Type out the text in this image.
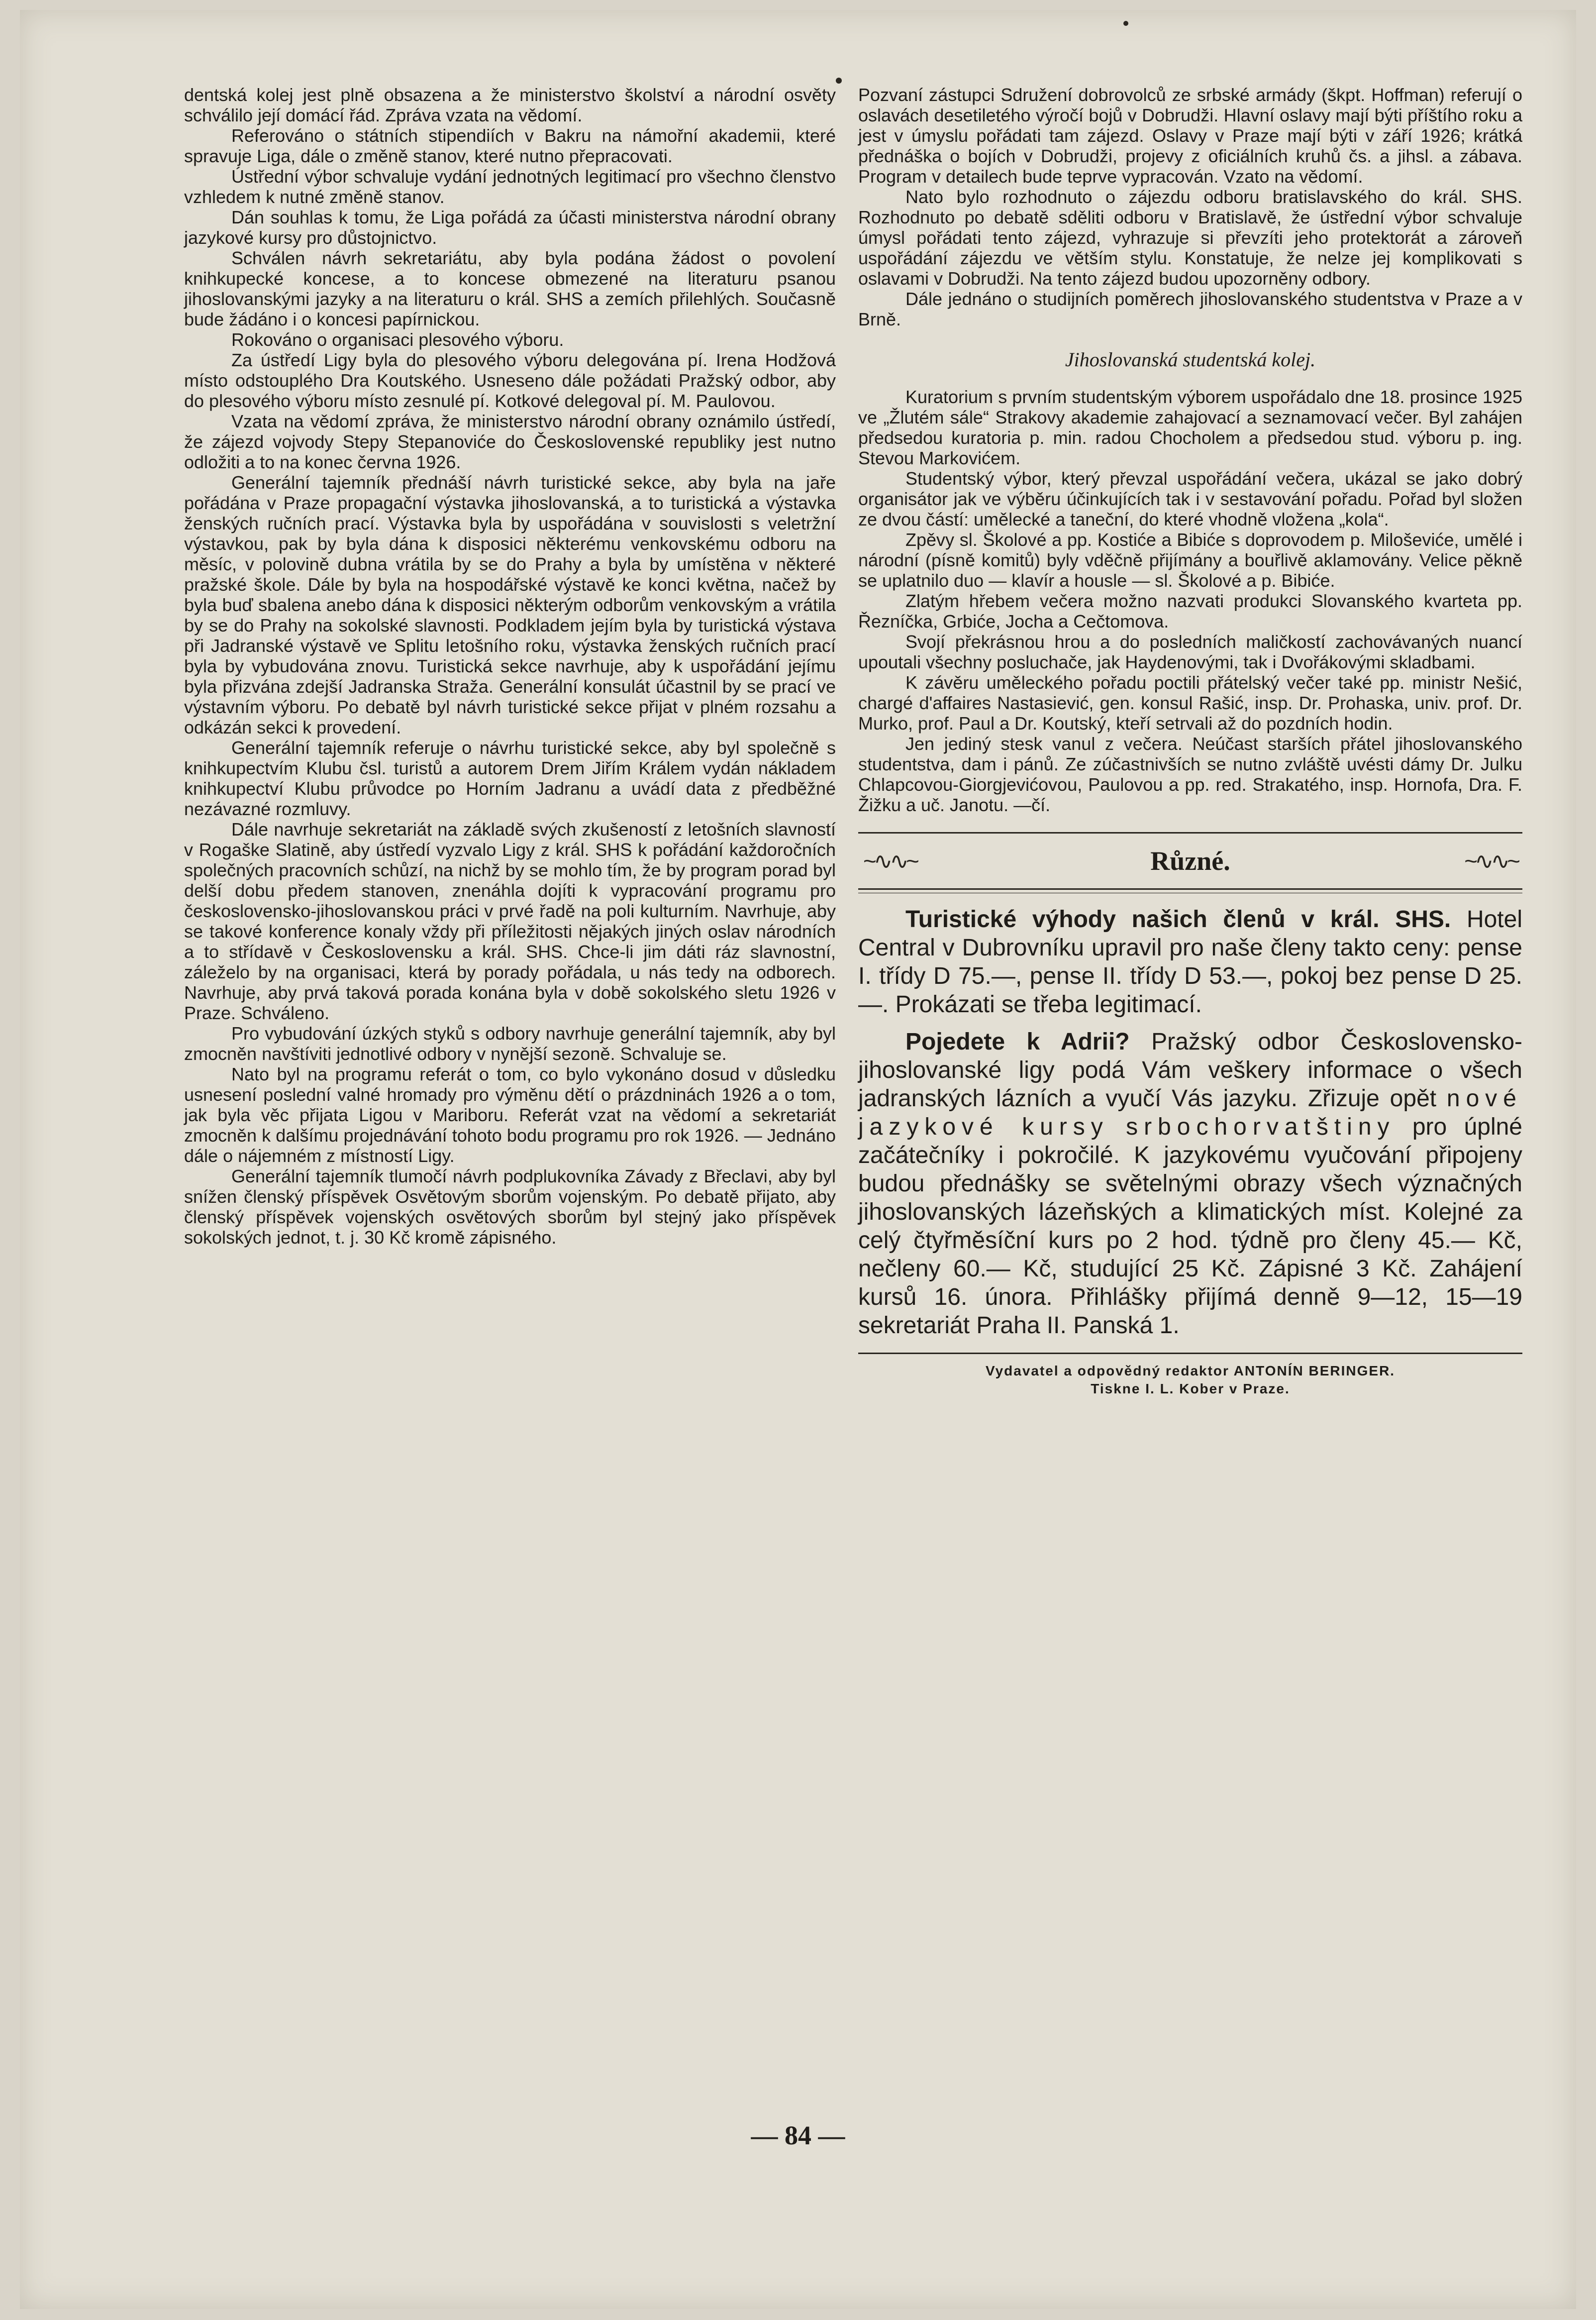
dentská kolej jest plně obsazena a že ministerstvo školství a národní osvěty schválilo její domácí řád. Zpráva vzata na vědomí.

Referováno o státních stipendiích v Bakru na námořní akademii, které spravuje Liga, dále o změně stanov, které nutno přepracovati.

Ústřední výbor schvaluje vydání jednotných legitimací pro všechno členstvo vzhledem k nutné změně stanov.

Dán souhlas k tomu, že Liga pořádá za účasti ministerstva národní obrany jazykové kursy pro důstojnictvo.

Schválen návrh sekretariátu, aby byla podána žádost o povolení knihkupecké koncese, a to koncese obmezené na literaturu psanou jihoslovanskými jazyky a na literaturu o král. SHS a zemích přilehlých. Současně bude žádáno i o koncesi papírnickou.

Rokováno o organisaci plesového výboru.

Za ústředí Ligy byla do plesového výboru delegována pí. Irena Hodžová místo odstouplého Dra Koutského. Usneseno dále požádati Pražský odbor, aby do plesového výboru místo zesnulé pí. Kotkové delegoval pí. M. Paulovou.

Vzata na vědomí zpráva, že ministerstvo národní obrany oznámilo ústředí, že zájezd vojvody Stepy Stepanoviće do Československé republiky jest nutno odložiti a to na konec června 1926.

Generální tajemník přednáší návrh turistické sekce, aby byla na jaře pořádána v Praze propagační výstavka jihoslovanská, a to turistická a výstavka ženských ručních prací. Výstavka byla by uspořádána v souvislosti s veletržní výstavkou, pak by byla dána k disposici některému venkovskému odboru na měsíc, v polovině dubna vrátila by se do Prahy a byla by umístěna v některé pražské škole. Dále by byla na hospodářské výstavě ke konci května, načež by byla buď sbalena anebo dána k disposici některým odborům venkovským a vrátila by se do Prahy na sokolské slavnosti. Podkladem jejím byla by turistická výstava při Jadranské výstavě ve Splitu letošního roku, výstavka ženských ručních prací byla by vybudována znovu. Turistická sekce navrhuje, aby k uspořádání jejímu byla přizvána zdejší Jadranska Straža. Generální konsulát účastnil by se prací ve výstavním výboru. Po debatě byl návrh turistické sekce přijat v plném rozsahu a odkázán sekci k provedení.

Generální tajemník referuje o návrhu turistické sekce, aby byl společně s knihkupectvím Klubu čsl. turistů a autorem Drem Jiřím Králem vydán nákladem knihkupectví Klubu průvodce po Horním Jadranu a uvádí data z předběžné nezávazné rozmluvy.

Dále navrhuje sekretariát na základě svých zkušeností z letošních slavností v Rogaške Slatině, aby ústředí vyzvalo Ligy z král. SHS k pořádání každoročních společných pracovních schůzí, na nichž by se mohlo tím, že by program porad byl delší dobu předem stanoven, znenáhla dojíti k vypracování programu pro československo-jihoslovanskou práci v prvé řadě na poli kulturním. Navrhuje, aby se takové konference konaly vždy při příležitosti nějakých jiných oslav národních a to střídavě v Československu a král. SHS. Chce-li jim dáti ráz slavnostní, záleželo by na organisaci, která by porady pořádala, u nás tedy na odborech. Navrhuje, aby prvá taková porada konána byla v době sokolského sletu 1926 v Praze. Schváleno.

Pro vybudování úzkých styků s odbory navrhuje generální tajemník, aby byl zmocněn navštíviti jednotlivé odbory v nynější sezoně. Schvaluje se.

Nato byl na programu referát o tom, co bylo vykonáno dosud v důsledku usnesení poslední valné hromady pro výměnu dětí o prázdninách 1926 a o tom, jak byla věc přijata Ligou v Mariboru. Referát vzat na vědomí a sekretariát zmocněn k dalšímu projednávání tohoto bodu programu pro rok 1926. — Jednáno dále o nájemném z místností Ligy.

Generální tajemník tlumočí návrh podplukovníka Závady z Břeclavi, aby byl snížen členský příspěvek Osvětovým sborům vojenským. Po debatě přijato, aby členský příspěvek vojenských osvětových sborům byl stejný jako příspěvek sokolských jednot, t. j. 30 Kč kromě zápisného.

Pozvaní zástupci Sdružení dobrovolců ze srbské armády (škpt. Hoffman) referují o oslavách desetiletého výročí bojů v Dobrudži. Hlavní oslavy mají býti příštího roku a jest v úmyslu pořádati tam zájezd. Oslavy v Praze mají býti v září 1926; krátká přednáška o bojích v Dobrudži, projevy z oficiálních kruhů čs. a jihsl. a zábava. Program v detailech bude teprve vypracován. Vzato na vědomí.

Nato bylo rozhodnuto o zájezdu odboru bratislavského do král. SHS. Rozhodnuto po debatě sděliti odboru v Bratislavě, že ústřední výbor schvaluje úmysl pořádati tento zájezd, vyhrazuje si převzíti jeho protektorát a zároveň uspořádání zájezdu ve větším stylu. Konstatuje, že nelze jej komplikovati s oslavami v Dobrudži. Na tento zájezd budou upozorněny odbory.

Dále jednáno o studijních poměrech jihoslovanského studentstva v Praze a v Brně.

Jihoslovanská studentská kolej.

Kuratorium s prvním studentským výborem uspořádalo dne 18. prosince 1925 ve „Žlutém sále“ Strakovy akademie zahajovací a seznamovací večer. Byl zahájen předsedou kuratoria p. min. radou Chocholem a předsedou stud. výboru p. ing. Stevou Markovićem.

Studentský výbor, který převzal uspořádání večera, ukázal se jako dobrý organisátor jak ve výběru účinkujících tak i v sestavování pořadu. Pořad byl složen ze dvou částí: umělecké a taneční, do které vhodně vložena „kola“.

Zpěvy sl. Školové a pp. Kostiće a Bibiće s doprovodem p. Miloševiće, umělé i národní (písně komitů) byly vděčně přijímány a bouřlivě aklamovány. Velice pěkně se uplatnilo duo — klavír a housle — sl. Školové a p. Bibiće.

Zlatým hřebem večera možno nazvati produkci Slovanského kvarteta pp. Řezníčka, Grbiće, Jocha a Cečtomova.

Svojí překrásnou hrou a do posledních maličkostí zachovávaných nuancí upoutali všechny posluchače, jak Haydenovými, tak i Dvořákovými skladbami.

K závěru uměleckého pořadu poctili přátelský večer také pp. ministr Nešić, chargé d'affaires Nastasiević, gen. konsul Rašić, insp. Dr. Prohaska, univ. prof. Dr. Murko, prof. Paul a Dr. Koutský, kteří setrvali až do pozdních hodin.

Jen jediný stesk vanul z večera. Neúčast starších přátel jihoslovanského studentstva, dam i pánů. Ze zúčastnivších se nutno zvláště uvésti dámy Dr. Julku Chlapcovou-Giorgjevićovou, Paulovou a pp. red. Strakatého, insp. Hornofa, Dra. F. Žižku a uč. Janotu. —čí.

~∿∿~	Různé.	~∿∿~

Turistické výhody našich členů v král. SHS. Hotel Central v Dubrovníku upravil pro naše členy takto ceny: pense I. třídy D 75.—, pense II. třídy D 53.—, pokoj bez pense D 25.—. Prokázati se třeba legitimací.

Pojedete k Adrii? Pražský odbor Československo-jihoslovanské ligy podá Vám veškery informace o všech jadranských lázních a vyučí Vás jazyku. Zřizuje opět nové jazykové kursy srbochorvatštiny pro úplné začátečníky i pokročilé. K jazykovému vyučování připojeny budou přednášky se světelnými obrazy všech význačných jihoslovanských lázeňských a klimatických míst. Kolejné za celý čtyřměsíční kurs po 2 hod. týdně pro členy 45.— Kč, nečleny 60.— Kč, studující 25 Kč. Zápisné 3 Kč. Zahájení kursů 16. února. Přihlášky přijímá denně 9—12, 15—19 sekretariát Praha II. Panská 1.

Vydavatel a odpovědný redaktor ANTONÍN BERINGER.
Tiskne I. L. Kober v Praze.
— 84 —
